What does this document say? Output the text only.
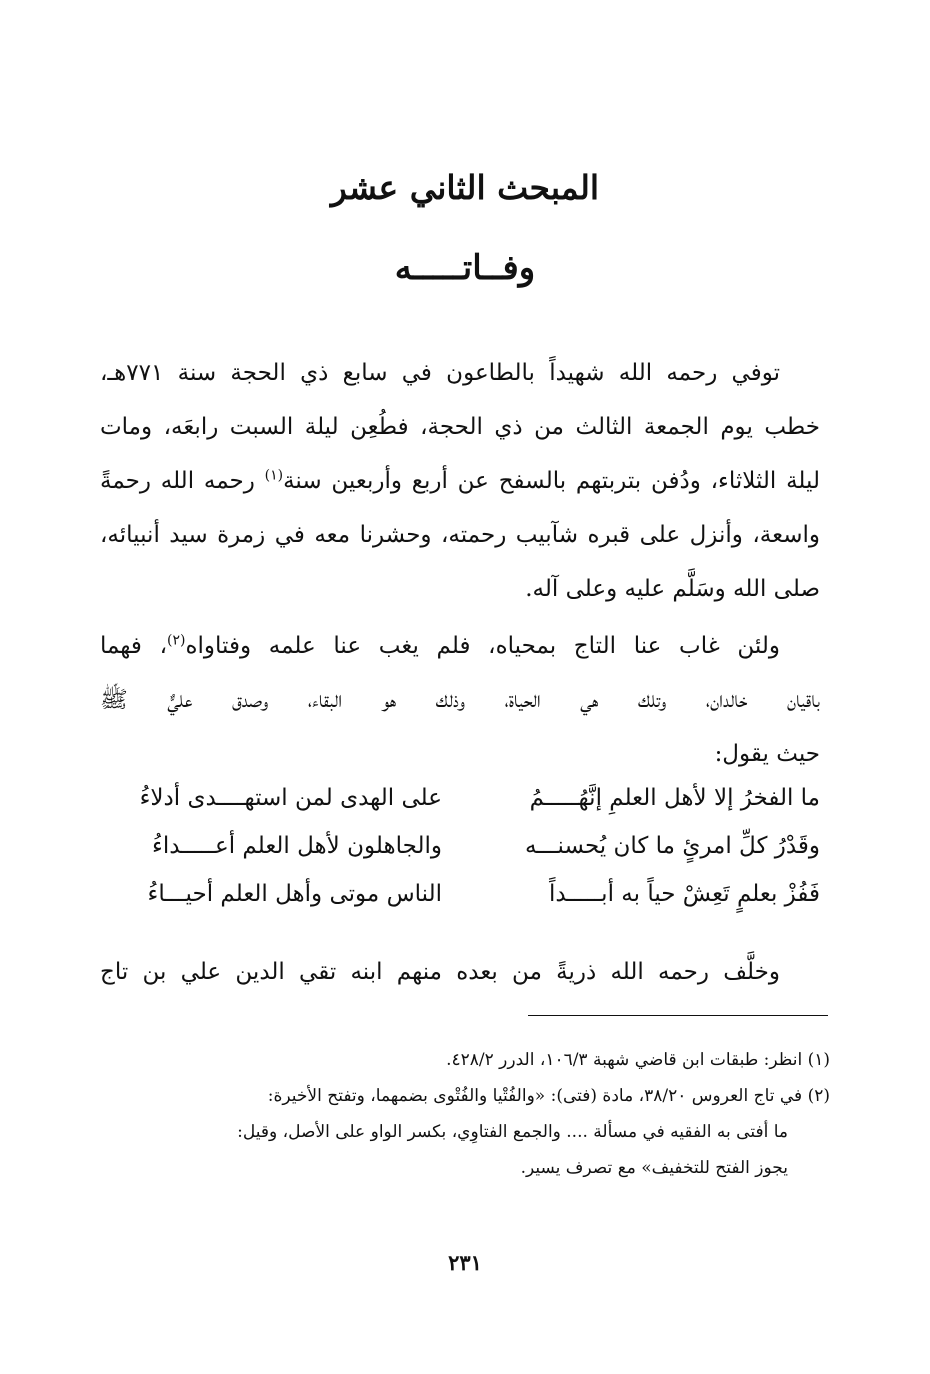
المبحث الثاني عشر
وفــاتـــــه
توفي رحمه الله شهيداً بالطاعون في سابع ذي الحجة سنة ٧٧١هـ،
خطب يوم الجمعة الثالث من ذي الحجة، فطُعِن ليلة السبت رابعَه، ومات
ليلة الثلاثاء، ودُفن بتربتهم بالسفح عن أربع وأربعين سنة$^{(١)}$ رحمه الله رحمةً
واسعة، وأنزل على قبره شآبيب رحمته، وحشرنا معه في زمرة سيد أنبيائه،
صلى الله وسَلَّم عليه وعلى آله.
ولئن غاب عنا التاج بمحياه، فلم يغب عنا علمه وفتاواه$^{(٢)}$، فهما
باقيان خالدان، وتلك هي الحياة، وذلك هو البقاء، وصدق عليٌّ ﷺ
حيث يقول:
ما الفخرُ إلا لأهل العلمِ إنَّهُـــــمُ
على الهدى لمن استهــــدى أدلاءُ
وقَدْرُ كلِّ امرئٍ ما كان يُحسنـــه
والجاهلون لأهل العلم أعـــــداءُ
فَفُزْ بعلمٍ تَعِشْ حياً به أبـــــداً
الناس موتى وأهل العلم أحيـــاءُ
وخلَّف رحمه الله ذريةً من بعده منهم ابنه تقي الدين علي بن تاج
(١) انظر: طبقات ابن قاضي شهبة ١٠٦/٣، الدرر ٤٢٨/٢.
(٢) في تاج العروس ٣٨/٢٠، مادة (فتى): «والفُتْيا والفُتْوى بضمهما، وتفتح الأخيرة:
ما أفتى به الفقيه في مسألة .... والجمع الفتاوِي، بكسر الواو على الأصل، وقيل:
يجوز الفتح للتخفيف» مع تصرف يسير.
٢٣١
